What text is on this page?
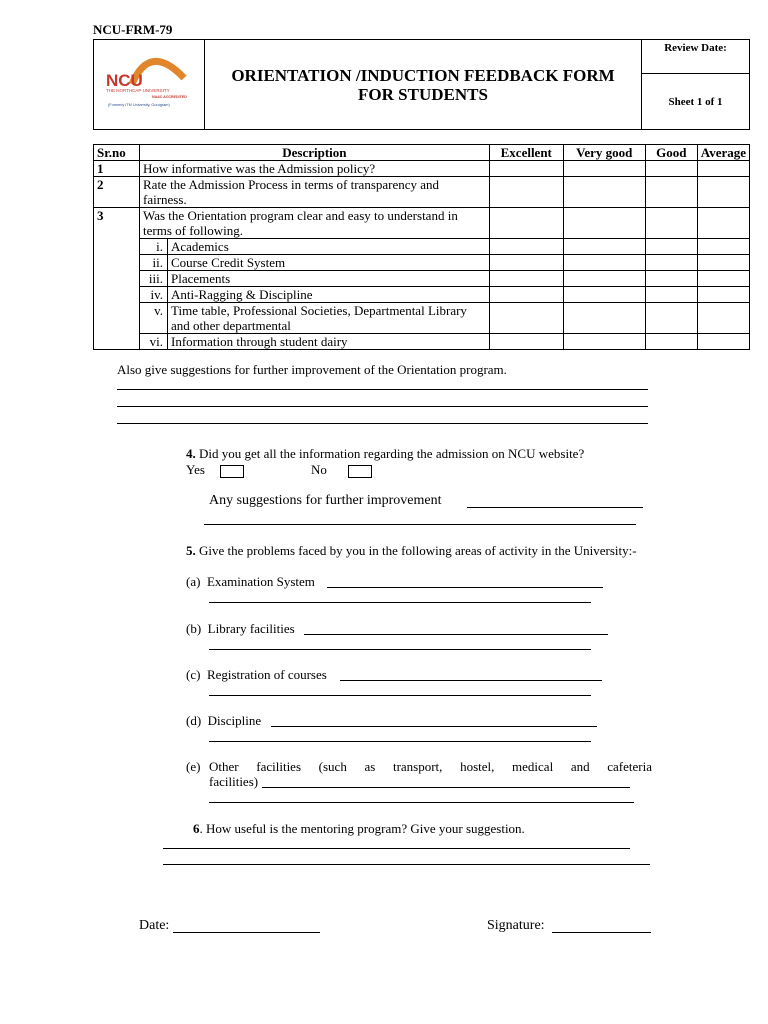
NCU-FRM-79
NCU
THE NORTHCAP UNIVERSITY
NAAC ACCREDITED
(Formerly ITM University, Gurugram)

ORIENTATION /INDUCTION FEEDBACK FORM
FOR STUDENTS
	Review Date:
Sheet 1 of 1
Sr.no	Description		Excellent	Very good	Good	Average
1	How informative was the Admission policy?					
2	Rate the Admission Process in terms of transparency and fairness.					
3	Was the Orientation program clear and easy to understand in terms of following.					
	i.	Academics				
	ii.	Course Credit System				
	iii.	Placements				
	iv.	Anti-Ragging & Discipline				
	v.	Time table, Professional Societies, Departmental Library and other departmental				
	vi.	Information through student dairy				
Also give suggestions for further improvement of the Orientation program.
4. Did you get all the information regarding the admission on NCU website?
Yes	No
Any suggestions for further improvement
5. Give the problems faced by you in the following areas of activity in the University:-
(a) Examination System
(b) Library facilities
(c) Registration of courses
(d) Discipline
(e) Other facilities (such as transport, hostel, medical and cafeteria
facilities)
6. How useful is the mentoring program? Give your suggestion.
Date:	Signature:
